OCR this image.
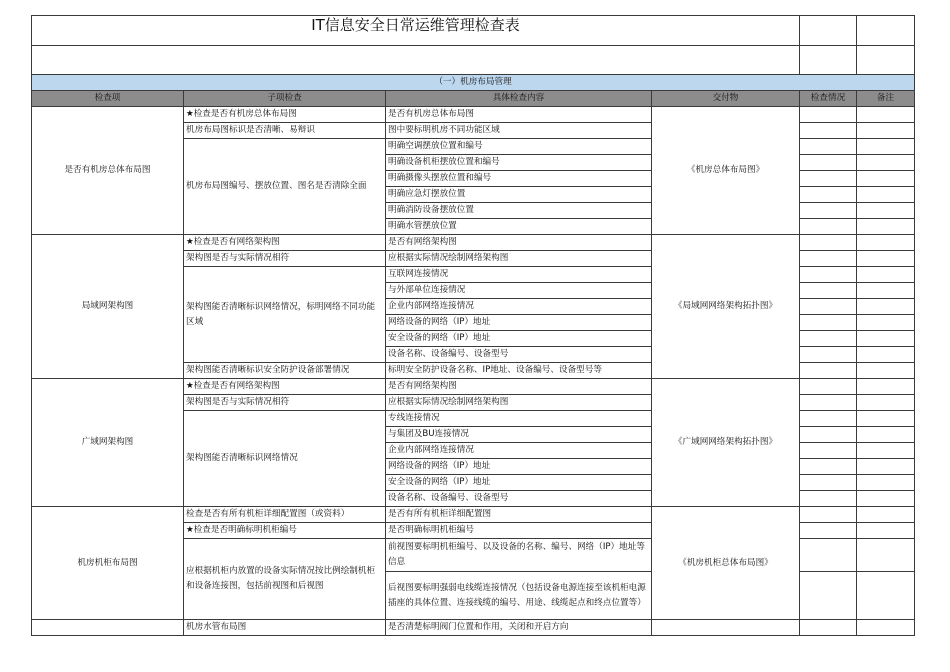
IT信息安全日常运维管理检查表					

（一）机房布局管理					
检查项	子项检查	具体检查内容	交付物	检查情况	备注
是否有机房总体布局图	★检查是否有机房总体布局图	是否有机房总体布局图	《机房总体布局图》		
	机房布局图标识是否清晰、易辩识	图中要标明机房不同功能区域			
	机房布局图编号、摆放位置、图名是否清除全面	明确空调摆放位置和编号			
		明确设备机柜摆放位置和编号			
		明确摄像头摆放位置和编号			
		明确应急灯摆放位置			
		明确消防设备摆放位置			
		明确水管摆放位置			
局域网架构图	★检查是否有网络架构图	是否有网络架构图	《局域网网络架构拓扑图》		
	架构图是否与实际情况相符	应根据实际情况绘制网络架构图			
	架构图能否清晰标识网络情况，标明网络不同功能区域	互联网连接情况			
		与外部单位连接情况			
		企业内部网络连接情况			
		网络设备的网络（IP）地址			
		安全设备的网络（IP）地址			
		设备名称、设备编号、设备型号			
	架构图能否清晰标识安全防护设备部署情况	标明安全防护设备名称、IP地址、设备编号、设备型号等			
广域网架构图	★检查是否有网络架构图	是否有网络架构图	《广域网网络架构拓扑图》		
	架构图是否与实际情况相符	应根据实际情况绘制网络架构图			
	架构图能否清晰标识网络情况	专线连接情况			
		与集团及BU连接情况			
		企业内部网络连接情况			
		网络设备的网络（IP）地址			
		安全设备的网络（IP）地址			
		设备名称、设备编号、设备型号			
机房机柜布局图	检查是否有所有机柜详细配置图（或资料）	是否有所有机柜详细配置图	《机房机柜总体布局图》		
	★检查是否明确标明机柜编号	是否明确标明机柜编号			
	应根据机柜内放置的设备实际情况按比例绘制机柜和设备连接图，包括前视图和后视图	前视图要标明机柜编号、以及设备的名称、编号、网络（IP）地址等信息			
		后视图要标明强弱电线缆连接情况（包括设备电源连接至该机柜电源插座的具体位置、连接线缆的编号、用途、线缆起点和终点位置等）			
	机房水管布局图	是否清楚标明阀门位置和作用，关闭和开启方向			
